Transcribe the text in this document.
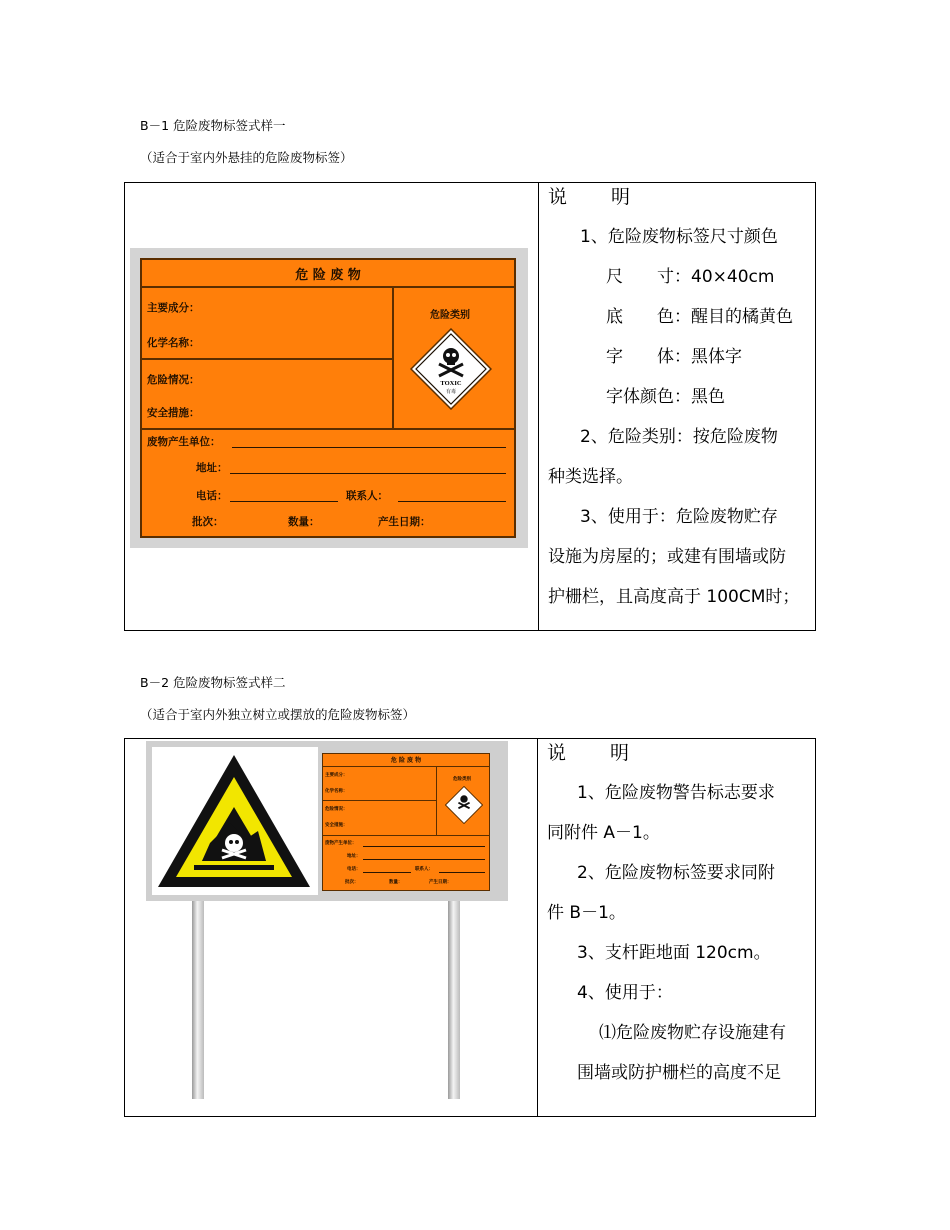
B－1 危险废物标签式样一
（适合于室内外悬挂的危险废物标签）
危 险 废 物
主要成分：
化学名称：
危险情况：
安全措施：
危险类别
TOXIC
有毒
废物产生单位：
地址：
电话：	联系人：
批次：	数量：	产生日期：
说 明
1、危险废物标签尺寸颜色
尺 寸：40×40cm
底 色：醒目的橘黄色
字 体：黑体字
字体颜色：黑色
2、危险类别：按危险废物
种类选择。
3、使用于：危险废物贮存
设施为房屋的；或建有围墙或防
护栅栏，且高度高于 100CM时；
B－2 危险废物标签式样二
（适合于室内外独立树立或摆放的危险废物标签）
危 险 废 物
主要成分：
化学名称：
危险情况：
安全措施：
危险类别
废物产生单位：
地址：
电话：	联系人：
批次：	数量：	产生日期：
说 明
1、危险废物警告标志要求
同附件 A－1。
2、危险废物标签要求同附
件 B－1。
3、支杆距地面 120cm。
4、使用于：
⑴危险废物贮存设施建有
围墙或防护栅栏的高度不足
